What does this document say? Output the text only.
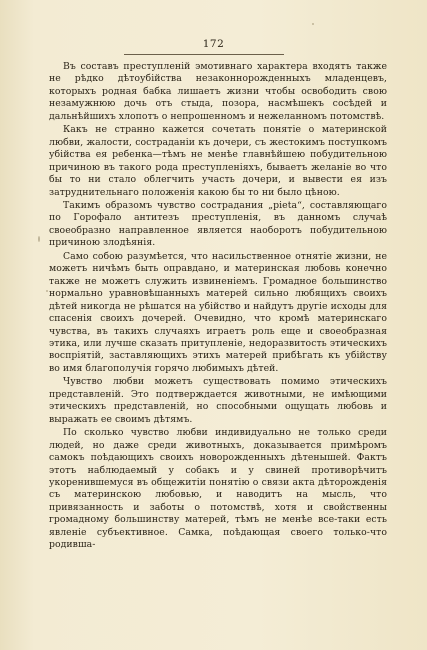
172

Въ составъ преступленій эмотивнаго характера входятъ также не рѣдко дѣтоубійства незаконнорожденныхъ младенцевъ, которыхъ родная бабка лишаетъ жизни чтобы освободить свою незамужнюю дочь отъ стыда, позора, насмѣшекъ сосѣдей и дальнѣйшихъ хлопотъ о непрошенномъ и нежеланномъ потомствѣ.

Какъ не странно кажется сочетать понятіе о материнской любви, жалости, состраданіи къ дочери, съ жестокимъ поступкомъ убійства ея ребенка—тѣмъ не менѣе главнѣйшею побудительною причиною въ такого рода преступленіяхъ, бываетъ желаніе во что бы то ни стало облегчить участь дочери, и вывести ея изъ затруднительнаго положенія какою бы то ни было цѣною.

Такимъ образомъ чувство сострадания „pieta“, составляющаго по Горофало антитезъ преступленія, въ данномъ случаѣ своеобразно направленное является наоборотъ побудительною причиною злодѣянія.

Само собою разумѣется, что насильственное отнятіе жизни, не можетъ ничѣмъ быть оправдано, и материнская любовь конечно также не можетъ служить извиненіемъ. Громадное большинство нормально уравновѣшанныхъ матерей сильно любящихъ своихъ дѣтей никогда не рѣшатся на убійство и найдутъ другіе исходы для спасенія своихъ дочерей. Очевидно, что кромѣ материнскаго чувства, въ такихъ случаяхъ играетъ роль еще и своеобразная этика, или лучше сказать притупленіе, недоразвитость этическихъ воспріятій, заставляющихъ этихъ матерей прибѣгать къ убійству во имя благополучія горячо любимыхъ дѣтей.

Чувство любви можетъ существовать помимо этическихъ представленій. Это подтверждается животными, не имѣющими этическихъ представленій, но способными ощущать любовь и выражать ее своимъ дѣтямъ.

По сколько чувство любви индивидуально не только среди людей, но даже среди животныхъ, доказывается примѣромъ самокъ поѣдающихъ своихъ новорожденныхъ дѣтенышей. Фактъ этотъ наблюдаемый у собакъ и у свиней противорѣчитъ укоренившемуся въ общежитіи понятію о связи акта дѣторожденія съ материнскою любовью, и наводитъ на мысль, что привязанность и заботы о потомствѣ, хотя и свойственны громадному большинству матерей, тѣмъ не менѣе все-таки есть явленіе субъективное. Самка, поѣдающая своего только-что родивша-
